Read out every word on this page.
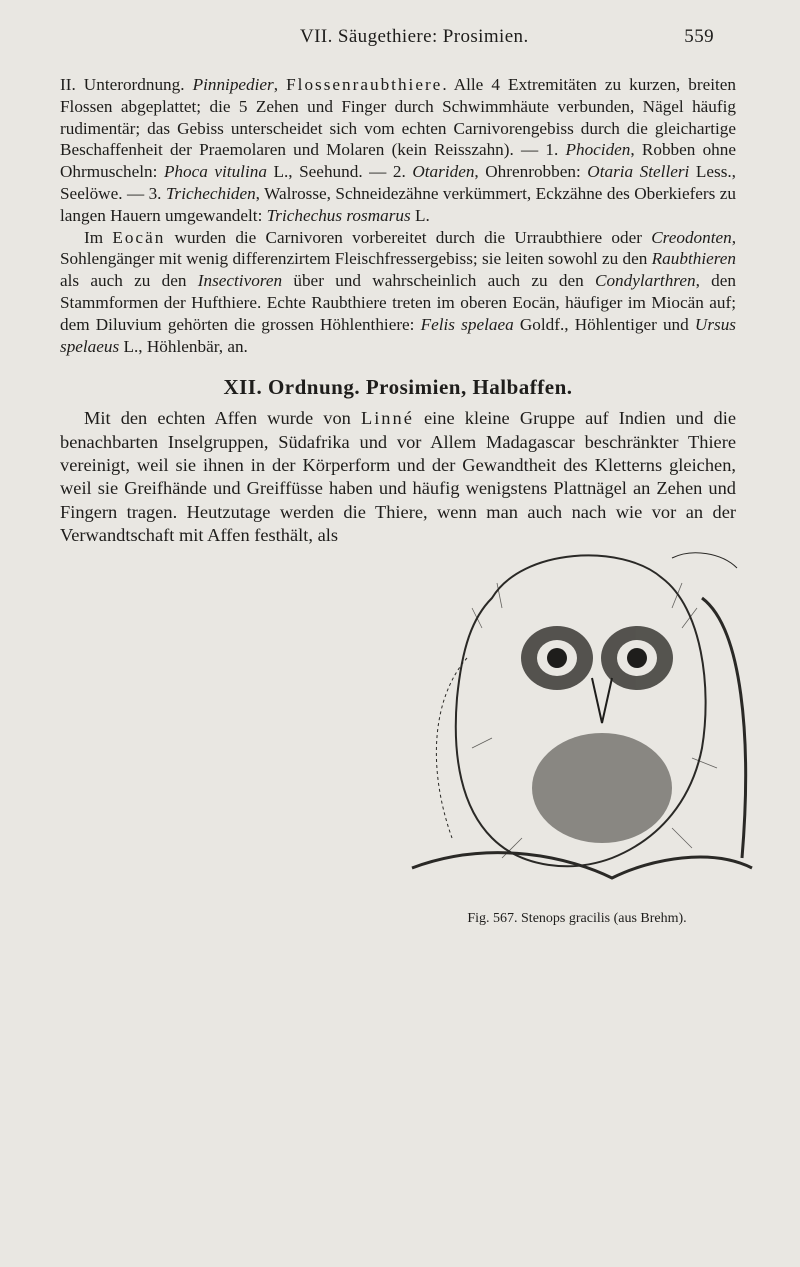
VII. Säugethiere: Prosimien.	559

II. Unterordnung. Pinnipedier, Flossenraubthiere. Alle 4 Extremitäten zu kurzen, breiten Flossen abgeplattet; die 5 Zehen und Finger durch Schwimmhäute verbunden, Nägel häufig rudimentär; das Gebiss unterscheidet sich vom echten Carnivorengebiss durch die gleichartige Beschaffenheit der Praemolaren und Molaren (kein Reisszahn). — 1. Phociden, Robben ohne Ohrmuscheln: Phoca vitulina L., Seehund. — 2. Otariden, Ohrenrobben: Otaria Stelleri Less., Seelöwe. — 3. Trichechiden, Walrosse, Schneidezähne verkümmert, Eckzähne des Oberkiefers zu langen Hauern umgewandelt: Trichechus rosmarus L.

Im Eocän wurden die Carnivoren vorbereitet durch die Urraubthiere oder Creodonten, Sohlengänger mit wenig differenzirtem Fleischfressergebiss; sie leiten sowohl zu den Raubthieren als auch zu den Insectivoren über und wahrscheinlich auch zu den Condylarthren, den Stammformen der Hufthiere. Echte Raubthiere treten im oberen Eocän, häufiger im Miocän auf; dem Diluvium gehörten die grossen Höhlenthiere: Felis spelaea Goldf., Höhlentiger und Ursus spelaeus L., Höhlenbär, an.

XII. Ordnung. Prosimien, Halbaffen.

Mit den echten Affen wurde von Linné eine kleine Gruppe auf Indien und die benachbarten Inselgruppen, Südafrika und vor Allem Madagascar beschränkter Thiere vereinigt, weil sie ihnen in der Körperform und der Gewandtheit des Kletterns gleichen, weil sie Greifhände und Greiffüsse haben und häufig wenigstens Plattnägel an Zehen und Fingern tragen. Heutzutage werden die Thiere, wenn man auch nach wie vor an der Verwandtschaft mit Affen festhält, als
Fig. 567. Stenops gracilis (aus Brehm).
